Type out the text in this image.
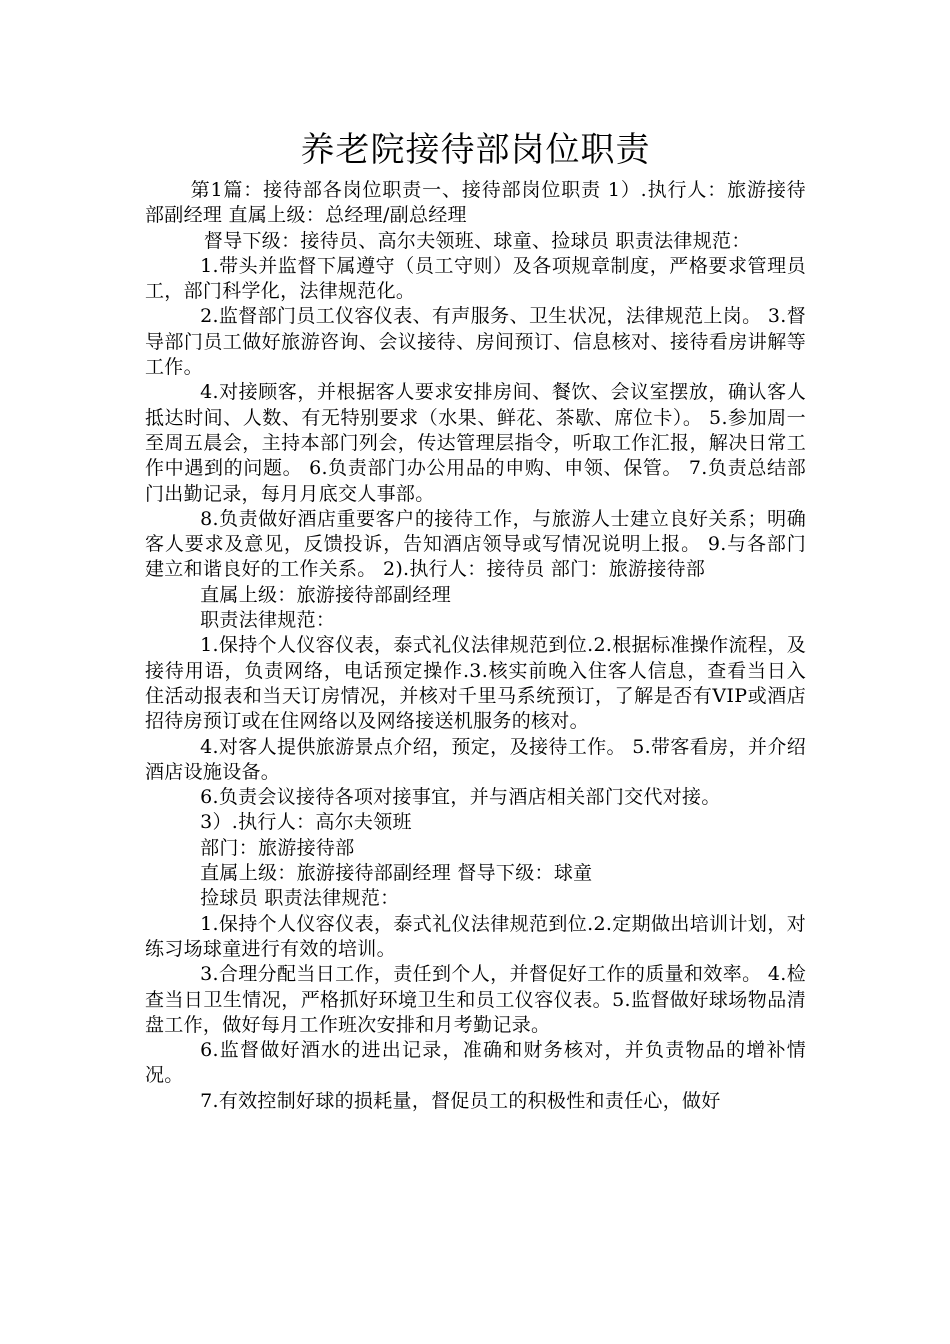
养老院接待部岗位职责

第1篇：接待部各岗位职责一、接待部岗位职责 1）.执行人：旅游接待部副经理 直属上级：总经理/副总经理

督导下级：接待员、高尔夫领班、球童、捡球员 职责法律规范：

1.带头并监督下属遵守（员工守则）及各项规章制度，严格要求管理员工，部门科学化，法律规范化。

2.监督部门员工仪容仪表、有声服务、卫生状况，法律规范上岗。 3.督导部门员工做好旅游咨询、会议接待、房间预订、信息核对、接待看房讲解等工作。

4.对接顾客，并根据客人要求安排房间、餐饮、会议室摆放，确认客人抵达时间、人数、有无特别要求（水果、鲜花、茶歇、席位卡）。 5.参加周一至周五晨会，主持本部门列会，传达管理层指令，听取工作汇报，解决日常工作中遇到的问题。 6.负责部门办公用品的申购、申领、保管。 7.负责总结部门出勤记录，每月月底交人事部。

8.负责做好酒店重要客户的接待工作，与旅游人士建立良好关系；明确客人要求及意见，反馈投诉，告知酒店领导或写情况说明上报。 9.与各部门建立和谐良好的工作关系。 2).执行人：接待员 部门：旅游接待部

直属上级：旅游接待部副经理

职责法律规范：

1.保持个人仪容仪表，泰式礼仪法律规范到位.2.根据标准操作流程，及接待用语，负责网络，电话预定操作.3.核实前晚入住客人信息，查看当日入住活动报表和当天订房情况，并核对千里马系统预订，了解是否有VIP或酒店招待房预订或在住网络以及网络接送机服务的核对。

4.对客人提供旅游景点介绍，预定，及接待工作。 5.带客看房，并介绍酒店设施设备。

6.负责会议接待各项对接事宜，并与酒店相关部门交代对接。

3）.执行人：高尔夫领班

部门：旅游接待部

直属上级：旅游接待部副经理 督导下级：球童

捡球员 职责法律规范：

1.保持个人仪容仪表，泰式礼仪法律规范到位.2.定期做出培训计划，对练习场球童进行有效的培训。

3.合理分配当日工作，责任到个人，并督促好工作的质量和效率。 4.检查当日卫生情况，严格抓好环境卫生和员工仪容仪表。5.监督做好球场物品清盘工作，做好每月工作班次安排和月考勤记录。

6.监督做好酒水的进出记录，准确和财务核对，并负责物品的增补情况。

7.有效控制好球的损耗量，督促员工的积极性和责任心，做好
